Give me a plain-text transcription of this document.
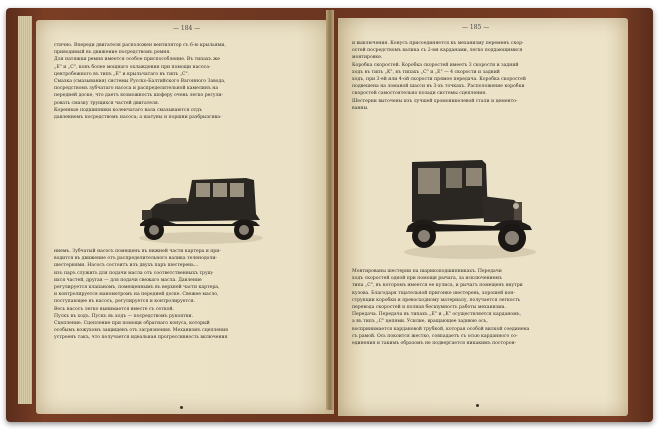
— 184 —
стично. Впереди двигателя расположен вентилятор съ 6-ю крыльями,
приводимый въ движение посредствомъ ремня.
Для натяжки ремня имеется особое приспособление. Въ типахъ же
„E" и „C", ковъ более мощнаго охлаждения при помощи насоса-
центробежного въ типъ „E" и крыльчатаго въ типъ „C".
Смазка (смазывания) системы Русско-Балтийского Вагонного Завода,
посредствомъ зубчатаго насоса и распределительной камелинъ на
передней доске, что даетъ возможность шоферу очень легко регули-
ровать смазку трущихся частей двигателя.
Коренные подшипники коленчатаго вала смазываются отдъ
давлениемъ посредствомъ насоса; а шатуны и поршни разбрызгива-
ниемъ. Зубчатый насосъ помещенъ въ нижней части картера и при-
водится въ движение отъ распределительного валика теленодоли-
шестернями. Насосъ состоитъ изъ двухъ паръ шестерень...
изъ паръ служить для подачи масла отъ соответственныхъ трущ-
ихся частей, другая — для подачи свежаго масла. Давление
регулируется клапаномъ, помещеннымъ въ верхней части картера,
и контролируется манометромъ на передней доске. Свежее масло,
поступающее въ насосъ, регулируется и контролируется.
Весь насосъ легко вынимается вместе съ сеткой.
Пускъ въ ходъ. Пускъ въ ходъ — посредствомъ рукоятки.
Сцепление. Сцепление при помощи обратнаго конуса, который
особымъ кожухомъ защищенъ отъ загрязнения. Механизмъ сцепления
устроенъ такъ, что получается идеальная прогрессивность включения
— 185 —
и выключения. Конусъ присоединяется къ механизму переменъ скор-
остей посредствомъ валика съ 2-мя карданами, легко поддающимися
монтировке.
Коробка скоростей. Коробка скоростей имеетъ 3 скорости и задний
ходъ въ типъ „K", въ типахъ „C" и „E" — 4 скорости и задний
ходъ, при 3-ей или 4-ой скорости прямое передача. Коробка скоростей
подвешена на ломаной шасси въ 3-хъ точкахъ. Расположение коробки
скоростей самостоятельно позади системы сцепления.
Шестерни выточены изъ лучшей хромоникелевой стали и цементо-
ванны.
Монтированы шестерни на шарикоподшипникахъ. Передачи
ходъ скоростей одной при помощи рычага, за исключениемъ
типа „C", въ которомъ имеется ее кулиса, и рычагъ помещенъ внутри
кузова. Благодаря тщательной пригонке шестерень, хорошей кон-
струкции коробки и превосходному материалу, получается легкость
перевода скоростей и полная бесшумность работы механизма.
Передача. Передача въ типахъ „E" и „K" осуществляется карданомъ,
а въ типъ „C" цепями. Усилие, вращающее заднюю ось,
воспринимается кардановой трубкой, которая особой вилкой соединена
съ рамой. Ось покоится жестко, совпадаетъ съ осью карданного со-
единения и такимъ образомъ не подвергается никакимъ посторон-
